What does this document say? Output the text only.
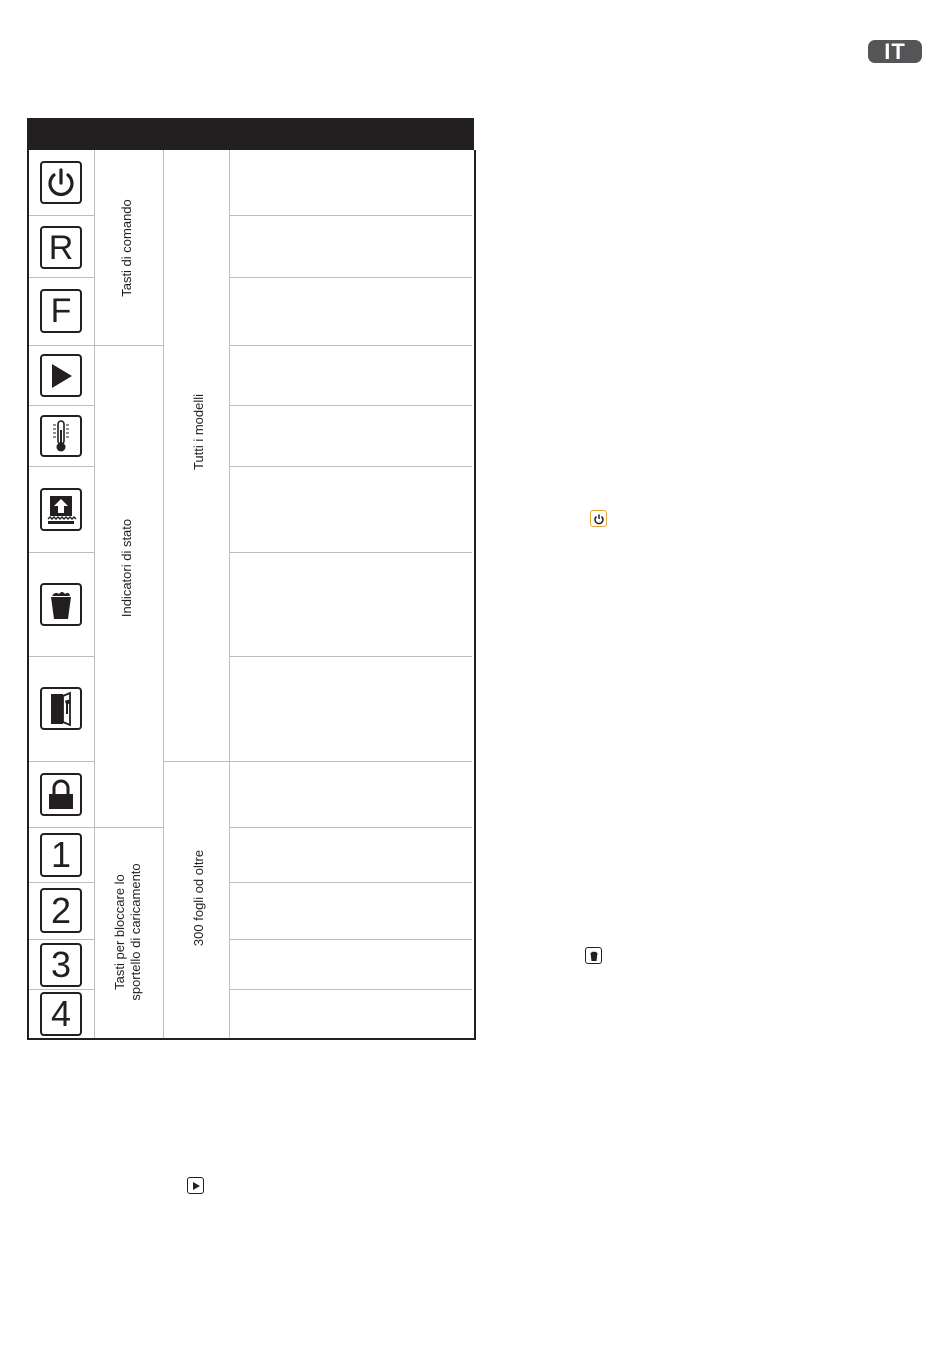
IT
Tasti di comando
Indicatori di stato
Tasti per bloccare lo sportello di caricamento
Tutti i modelli
300 fogli od oltre
R
F
1
2
3
4
